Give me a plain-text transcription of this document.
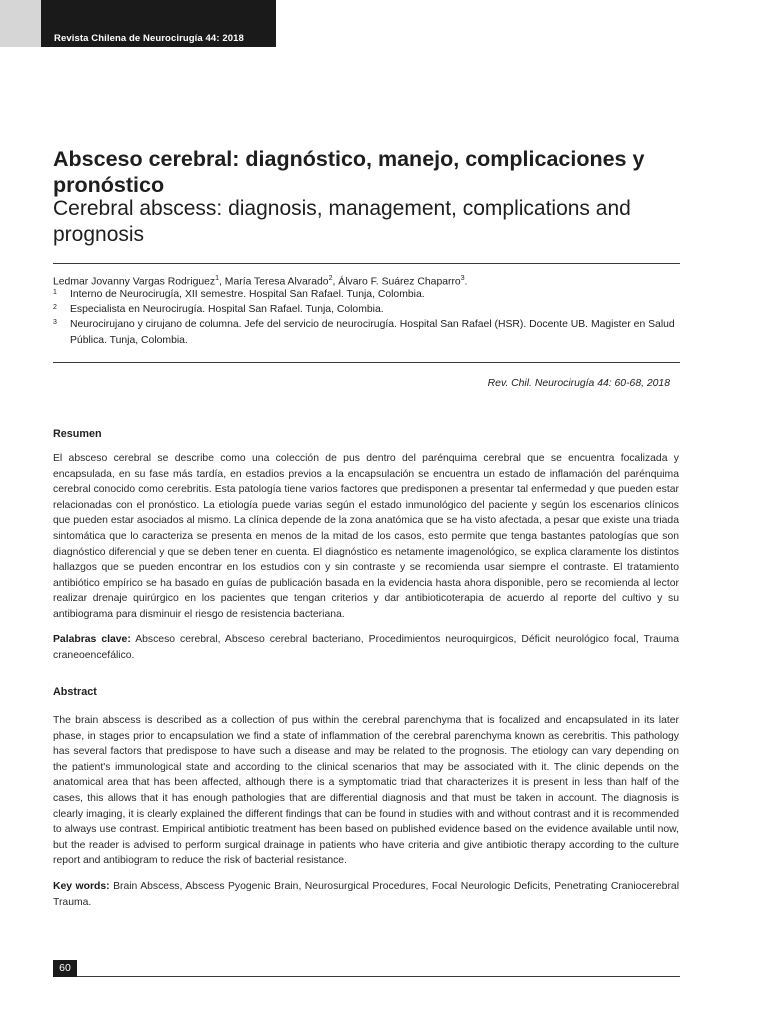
Revista Chilena de Neurocirugía 44: 2018
Absceso cerebral: diagnóstico, manejo, complicaciones y pronóstico
Cerebral abscess: diagnosis, management, complications and prognosis
Ledmar Jovanny Vargas Rodriguez$^1$, María Teresa Alvarado$^2$, Álvaro F. Suárez Chaparro$^3$.
1	Interno de Neurocirugía, XII semestre. Hospital San Rafael. Tunja, Colombia.
2	Especialista en Neurocirugía. Hospital San Rafael. Tunja, Colombia.
3	Neurocirujano y cirujano de columna. Jefe del servicio de neurocirugía. Hospital San Rafael (HSR). Docente UB. Magister en Salud Pública. Tunja, Colombia.
Rev. Chil. Neurocirugía 44: 60-68, 2018
Resumen
El absceso cerebral se describe como una colección de pus dentro del parénquima cerebral que se encuentra focalizada y encapsulada, en su fase más tardía, en estadios previos a la encapsulación se encuentra un estado de inflamación del parénquima cerebral conocido como cerebritis. Esta patología tiene varios factores que predisponen a presentar tal enfermedad y que pueden estar relacionadas con el pronóstico. La etiología puede varias según el estado inmunológico del paciente y según los escenarios clínicos que pueden estar asociados al mismo. La clínica depende de la zona anatómica que se ha visto afectada, a pesar que existe una triada sintomática que lo caracteriza se presenta en menos de la mitad de los casos, esto permite que tenga bastantes patologías que son diagnóstico diferencial y que se deben tener en cuenta. El diagnóstico es netamente imagenológico, se explica claramente los distintos hallazgos que se pueden encontrar en los estudios con y sin contraste y se recomienda usar siempre el contraste. El tratamiento antibiótico empírico se ha basado en guías de publicación basada en la evidencia hasta ahora disponible, pero se recomienda al lector realizar drenaje quirúrgico en los pacientes que tengan criterios y dar antibioticoterapia de acuerdo al reporte del cultivo y su antibiograma para disminuir el riesgo de resistencia bacteriana.
Palabras clave: Absceso cerebral, Absceso cerebral bacteriano, Procedimientos neuroquirgicos, Déficit neurológico focal, Trauma craneoencefálico.
Abstract
The brain abscess is described as a collection of pus within the cerebral parenchyma that is focalized and encapsulated in its later phase, in stages prior to encapsulation we find a state of inflammation of the cerebral parenchyma known as cerebritis. This pathology has several factors that predispose to have such a disease and may be related to the prognosis. The etiology can vary depending on the patient's immunological state and according to the clinical scenarios that may be associated with it. The clinic depends on the anatomical area that has been affected, although there is a symptomatic triad that characterizes it is present in less than half of the cases, this allows that it has enough pathologies that are differential diagnosis and that must be taken in account. The diagnosis is clearly imaging, it is clearly explained the different findings that can be found in studies with and without contrast and it is recommended to always use contrast. Empirical antibiotic treatment has been based on published evidence based on the evidence available until now, but the reader is advised to perform surgical drainage in patients who have criteria and give antibiotic therapy according to the culture report and antibiogram to reduce the risk of bacterial resistance.
Key words: Brain Abscess, Abscess Pyogenic Brain, Neurosurgical Procedures, Focal Neurologic Deficits, Penetrating Craniocerebral Trauma.
60
